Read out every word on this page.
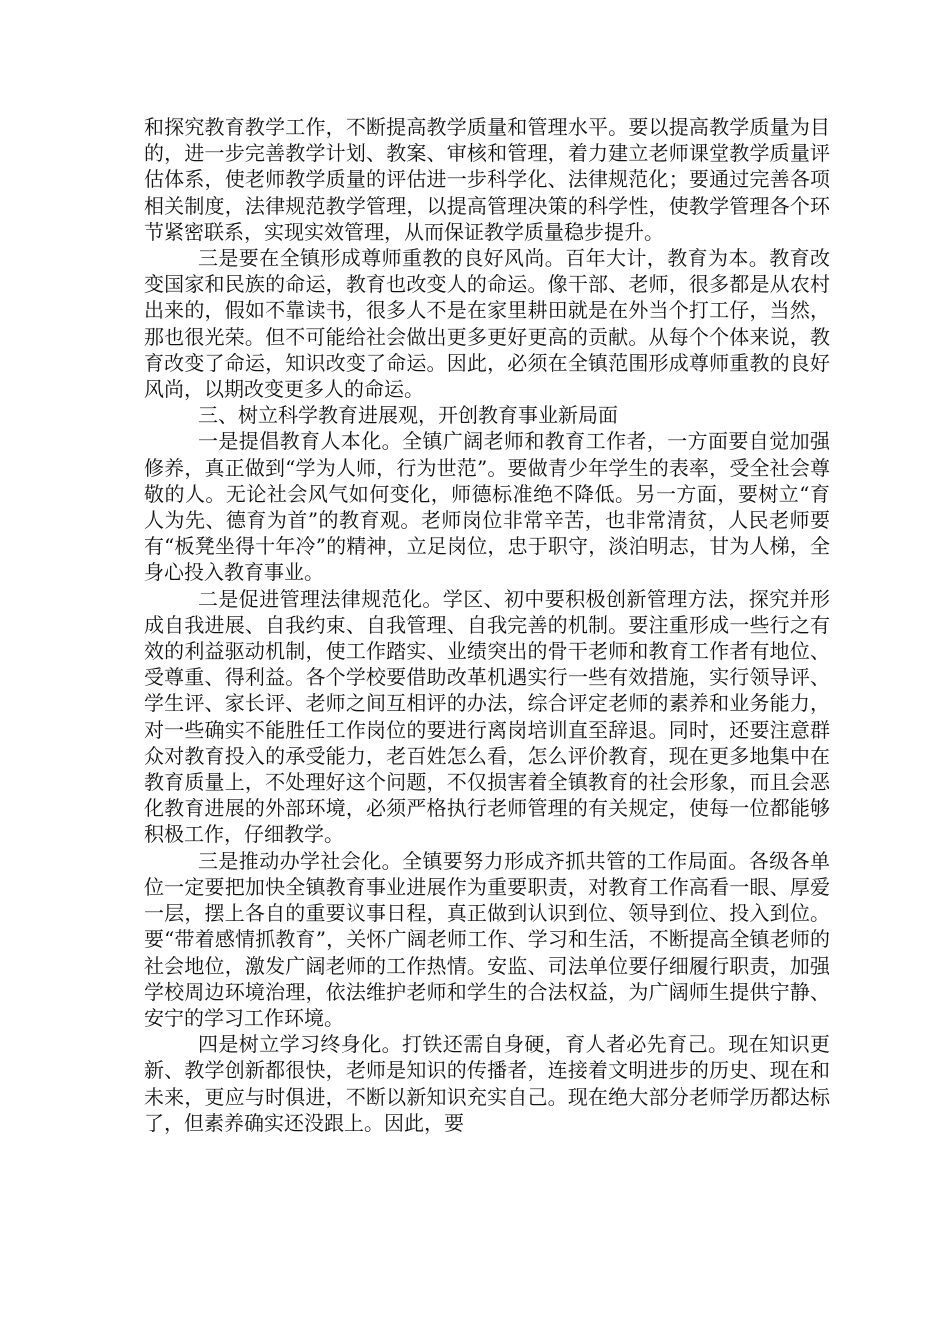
和探究教育教学工作，不断提高教学质量和管理水平。要以提高教学质量为目的，进一步完善教学计划、教案、审核和管理，着力建立老师课堂教学质量评估体系，使老师教学质量的评估进一步科学化、法律规范化；要通过完善各项相关制度，法律规范教学管理，以提高管理决策的科学性，使教学管理各个环节紧密联系，实现实效管理，从而保证教学质量稳步提升。

三是要在全镇形成尊师重教的良好风尚。百年大计，教育为本。教育改变国家和民族的命运，教育也改变人的命运。像干部、老师，很多都是从农村出来的，假如不靠读书，很多人不是在家里耕田就是在外当个打工仔，当然，那也很光荣。但不可能给社会做出更多更好更高的贡献。从每个个体来说，教育改变了命运，知识改变了命运。因此，必须在全镇范围形成尊师重教的良好风尚，以期改变更多人的命运。

三、树立科学教育进展观，开创教育事业新局面

一是提倡教育人本化。全镇广阔老师和教育工作者，一方面要自觉加强修养，真正做到“学为人师，行为世范”。要做青少年学生的表率，受全社会尊敬的人。无论社会风气如何变化，师德标准绝不降低。另一方面，要树立“育人为先、德育为首”的教育观。老师岗位非常辛苦，也非常清贫，人民老师要有“板凳坐得十年冷”的精神，立足岗位，忠于职守，淡泊明志，甘为人梯，全身心投入教育事业。

二是促进管理法律规范化。学区、初中要积极创新管理方法，探究并形成自我进展、自我约束、自我管理、自我完善的机制。要注重形成一些行之有效的利益驱动机制，使工作踏实、业绩突出的骨干老师和教育工作者有地位、受尊重、得利益。各个学校要借助改革机遇实行一些有效措施，实行领导评、学生评、家长评、老师之间互相评的办法，综合评定老师的素养和业务能力，对一些确实不能胜任工作岗位的要进行离岗培训直至辞退。同时，还要注意群众对教育投入的承受能力，老百姓怎么看，怎么评价教育，现在更多地集中在教育质量上，不处理好这个问题，不仅损害着全镇教育的社会形象，而且会恶化教育进展的外部环境，必须严格执行老师管理的有关规定，使每一位都能够积极工作，仔细教学。

三是推动办学社会化。全镇要努力形成齐抓共管的工作局面。各级各单位一定要把加快全镇教育事业进展作为重要职责，对教育工作高看一眼、厚爱一层，摆上各自的重要议事日程，真正做到认识到位、领导到位、投入到位。要“带着感情抓教育”，关怀广阔老师工作、学习和生活，不断提高全镇老师的社会地位，激发广阔老师的工作热情。安监、司法单位要仔细履行职责，加强学校周边环境治理，依法维护老师和学生的合法权益，为广阔师生提供宁静、安宁的学习工作环境。

四是树立学习终身化。打铁还需自身硬，育人者必先育己。现在知识更新、教学创新都很快，老师是知识的传播者，连接着文明进步的历史、现在和未来，更应与时俱进，不断以新知识充实自己。现在绝大部分老师学历都达标了，但素养确实还没跟上。因此，要
